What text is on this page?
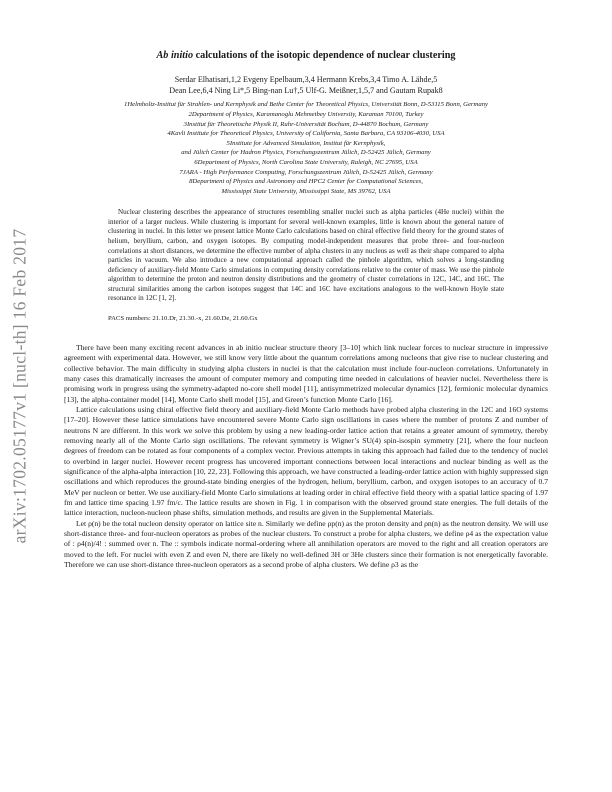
arXiv:1702.05177v1 [nucl-th] 16 Feb 2017
Ab initio calculations of the isotopic dependence of nuclear clustering
Serdar Elhatisari,1,2 Evgeny Epelbaum,3,4 Hermann Krebs,3,4 Timo A. Lähde,5
Dean Lee,6,4 Ning Li*,5 Bing-nan Lu†,5 Ulf-G. Meißner,1,5,7 and Gautam Rupak8
1Helmholtz-Institut für Strahlen- und Kernphysik and Bethe Center for Theoretical Physics, Universität Bonn, D-53115 Bonn, Germany
2Department of Physics, Karamanoglu Mehmetbey University, Karaman 70100, Turkey
3Institut für Theoretische Physik II, Ruhr-Universität Bochum, D-44870 Bochum, Germany
4Kavli Institute for Theoretical Physics, University of California, Santa Barbara, CA 93106-4030, USA
5Institute for Advanced Simulation, Institut für Kernphysik,
and Jülich Center for Hadron Physics, Forschungszentrum Jülich, D-52425 Jülich, Germany
6Department of Physics, North Carolina State University, Raleigh, NC 27695, USA
7JARA - High Performance Computing, Forschungszentrum Jülich, D-52425 Jülich, Germany
8Department of Physics and Astronomy and HPC2 Center for Computational Sciences,
Mississippi State University, Mississippi State, MS 39762, USA
Nuclear clustering describes the appearance of structures resembling smaller nuclei such as alpha particles (4He nuclei) within the interior of a larger nucleus. While clustering is important for several well-known examples, little is known about the general nature of clustering in nuclei. In this letter we present lattice Monte Carlo calculations based on chiral effective field theory for the ground states of helium, beryllium, carbon, and oxygen isotopes. By computing model-independent measures that probe three- and four-nucleon correlations at short distances, we determine the effective number of alpha clusters in any nucleus as well as their shape compared to alpha particles in vacuum. We also introduce a new computational approach called the pinhole algorithm, which solves a long-standing deficiency of auxiliary-field Monte Carlo simulations in computing density correlations relative to the center of mass. We use the pinhole algorithm to determine the proton and neutron density distributions and the geometry of cluster correlations in 12C, 14C, and 16C. The structural similarities among the carbon isotopes suggest that 14C and 16C have excitations analogous to the well-known Hoyle state resonance in 12C [1, 2].
PACS numbers: 21.10.Dr, 21.30.-x, 21.60.De, 21.60.Gx

There have been many exciting recent advances in ab initio nuclear structure theory [3–10] which link nuclear forces to nuclear structure in impressive agreement with experimental data. However, we still know very little about the quantum correlations among nucleons that give rise to nuclear clustering and collective behavior. The main difficulty in studying alpha clusters in nuclei is that the calculation must include four-nucleon correlations. Unfortunately in many cases this dramatically increases the amount of computer memory and computing time needed in calculations of heavier nuclei. Nevertheless there is promising work in progress using the symmetry-adapted no-core shell model [11], antisymmetrized molecular dynamics [12], fermionic molecular dynamics [13], the alpha-container model [14], Monte Carlo shell model [15], and Green’s function Monte Carlo [16].

Lattice calculations using chiral effective field theory and auxiliary-field Monte Carlo methods have probed alpha clustering in the 12C and 16O systems [17–20]. However these lattice simulations have encountered severe Monte Carlo sign oscillations in cases where the number of protons Z and number of neutrons N are different. In this work we solve this problem by using a new leading-order lattice action that retains a greater amount of symmetry, thereby removing nearly all of the Monte Carlo sign oscillations. The relevant symmetry is Wigner’s SU(4) spin-isospin symmetry [21], where the four nucleon degrees of freedom can be rotated as four components of a complex vector. Previous attempts in taking this approach had failed due to the tendency of nuclei to overbind in larger nuclei. However recent progress has uncovered important connections between local interactions and nuclear binding as well as the significance of the alpha-alpha interaction [10, 22, 23]. Following this approach, we have constructed a leading-order lattice action with highly suppressed sign oscillations and which reproduces the ground-state binding energies of the hydrogen, helium, beryllium, carbon, and oxygen isotopes to an accuracy of 0.7 MeV per nucleon or better. We use auxiliary-field Monte Carlo simulations at leading order in chiral effective field theory with a spatial lattice spacing of 1.97 fm and lattice time spacing 1.97 fm/c. The lattice results are shown in Fig. 1 in comparison with the observed ground state energies. The full details of the lattice interaction, nucleon-nucleon phase shifts, simulation methods, and results are given in the Supplemental Materials.

Let ρ(n) be the total nucleon density operator on lattice site n. Similarly we define ρp(n) as the proton density and ρn(n) as the neutron density. We will use short-distance three- and four-nucleon operators as probes of the nuclear clusters. To construct a probe for alpha clusters, we define ρ4 as the expectation value of : ρ4(n)/4! : summed over n. The :: symbols indicate normal-ordering where all annihilation operators are moved to the right and all creation operators are moved to the left. For nuclei with even Z and even N, there are likely no well-defined 3H or 3He clusters since their formation is not energetically favorable. Therefore we can use short-distance three-nucleon operators as a second probe of alpha clusters. We define ρ3 as the
